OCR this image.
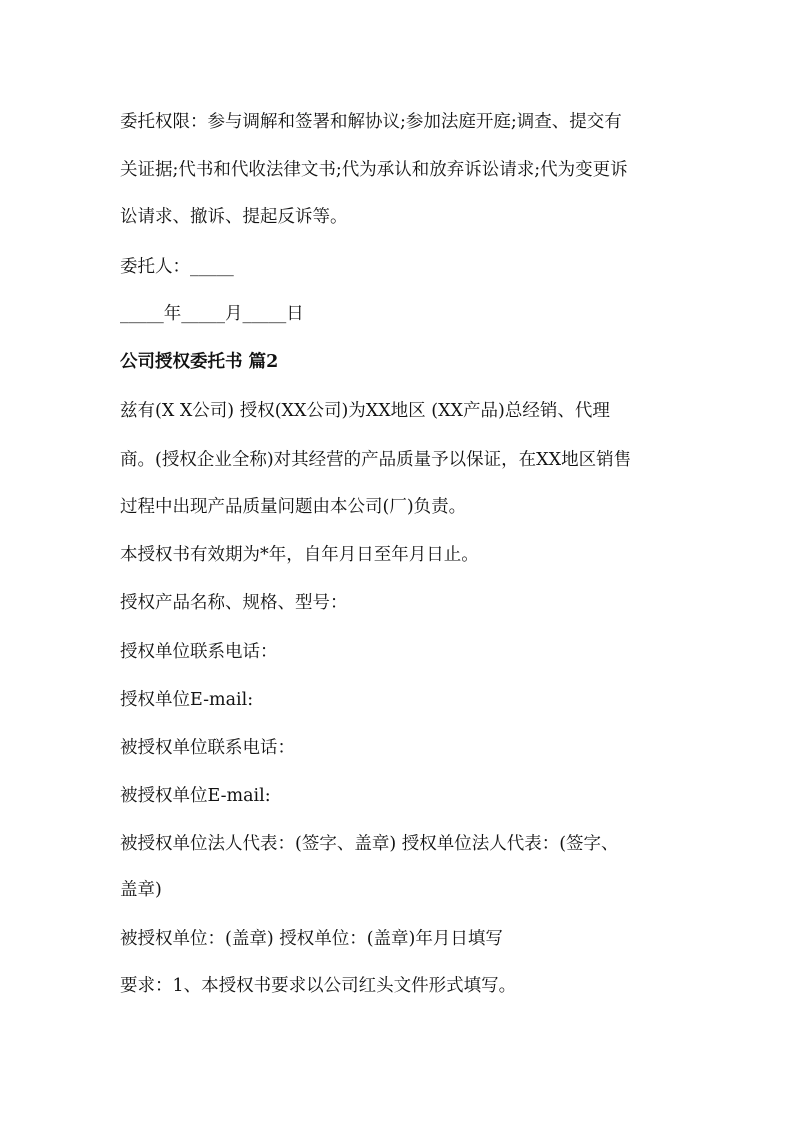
委托权限：参与调解和签署和解协议;参加法庭开庭;调查、提交有
关证据;代书和代收法律文书;代为承认和放弃诉讼请求;代为变更诉
讼请求、撤诉、提起反诉等。
委托人：_____
_____年_____月_____日
公司授权委托书 篇2
兹有(X X公司) 授权(XX公司)为XX地区 (XX产品)总经销、代理
商。(授权企业全称)对其经营的产品质量予以保证，在XX地区销售
过程中出现产品质量问题由本公司(厂)负责。
本授权书有效期为*年，自年月日至年月日止。
授权产品名称、规格、型号：
授权单位联系电话：
授权单位E-mail:
被授权单位联系电话：
被授权单位E-mail:
被授权单位法人代表：(签字、盖章) 授权单位法人代表：(签字、
盖章)
被授权单位：(盖章) 授权单位：(盖章)年月日填写
要求：1、本授权书要求以公司红头文件形式填写。
